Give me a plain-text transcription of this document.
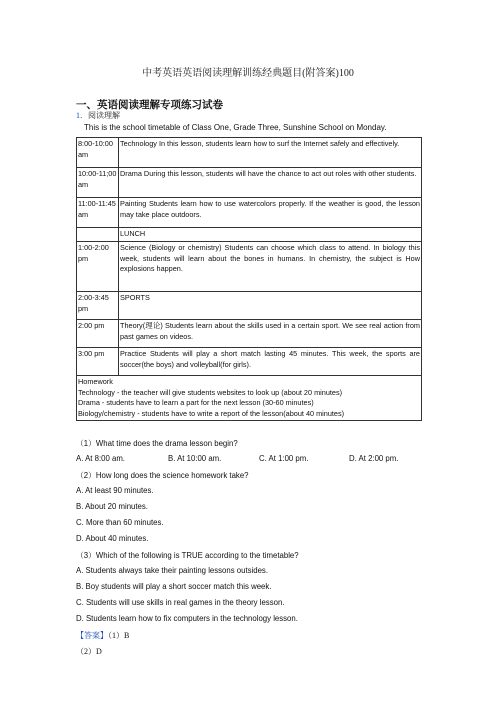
中考英语英语阅读理解训练经典题目(附答案)100
一、英语阅读理解专项练习试卷
1．阅读理解
This is the school timetable of Class One, Grade Three, Sunshine School on Monday.
8:00-10:00 am	Technology In this lesson, students learn how to surf the Internet safely and effectively.
10:00-11;00 am	Drama During this lesson, students will have the chance to act out roles with other students.
11:00-11:45 am	Painting Students learn how to use watercolors properly. If the weather is good, the lesson may take place outdoors.
	LUNCH
1:00-2:00 pm	Science (Biology or chemistry) Students can choose which class to attend. In biology this week, students will learn about the bones in humans. In chemistry, the subject is How explosions happen.
2:00-3:45 pm	SPORTS
2:00 pm	Theory(理论) Students learn about the skills used in a certain sport. We see real action from past games on videos.
3:00 pm	Practice Students will play a short match lasting 45 minutes. This week, the sports are soccer(the boys) and volleyball(for girls).

Homework
Technology - the teacher will give students websites to look up (about 20 minutes)
Drama - students have to learn a part for the next lesson (30-60 minutes)
Biology/chemistry - students have to write a report of the lesson(about 40 minutes)	
（1）What time does the drama lesson begin?
A. At 8:00 am.	B. At 10:00 am.	C. At 1:00 pm.	D. At 2:00 pm.
（2）How long does the science homework take?
A. At least 90 minutes.
B. About 20 minutes.
C. More than 60 minutes.
D. About 40 minutes.
（3）Which of the following is TRUE according to the timetable?
A. Students always take their painting lessons outsides.
B. Boy students will play a short soccer match this week.
C. Students will use skills in real games in the theory lesson.
D. Students learn how to fix computers in the technology lesson.
【答案】（1）B
（2）D
